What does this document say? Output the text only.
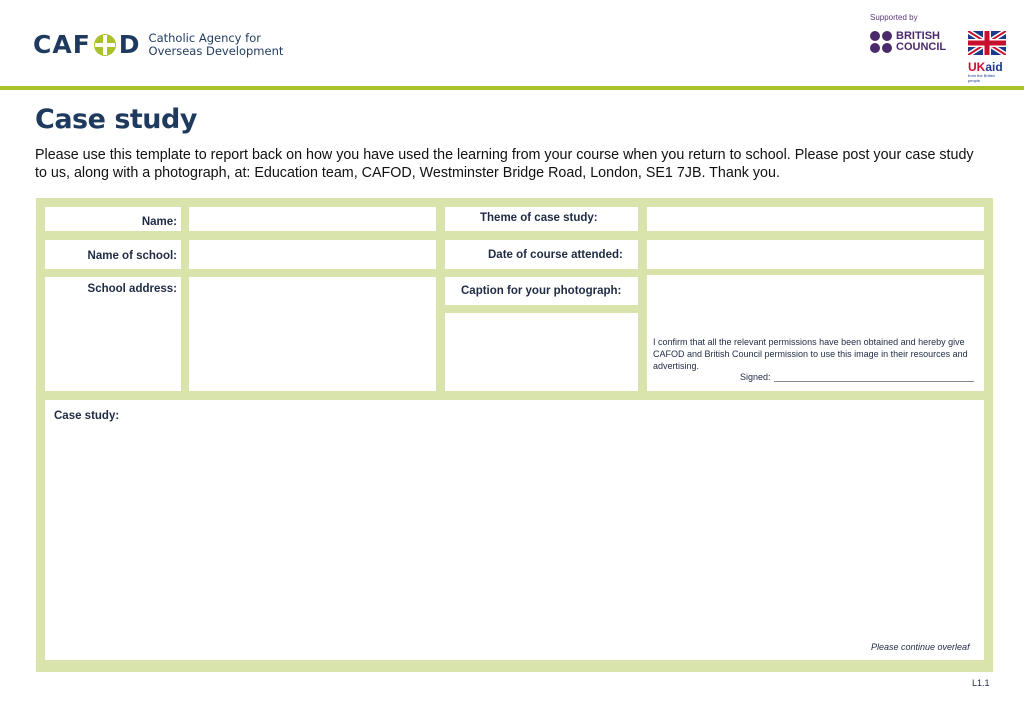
CAF D Catholic Agency for
Overseas Development
Supported by
BRITISH
COUNCIL
UKaid
from the British people
Case study
Please use this template to report back on how you have used the learning from your course when you return to school. Please post your case study to us, along with a photograph, at: Education team, CAFOD, Westminster Bridge Road, London, SE1 7JB. Thank you.
Name:	Theme of case study:
Name of school:	Date of course attended:
School address:	Caption for your photograph:
I confirm that all the relevant permissions have been obtained and hereby give CAFOD and British Council permission to use this image in their resources and advertising.
Signed:
Case study:
Please continue overleaf
L1.1
